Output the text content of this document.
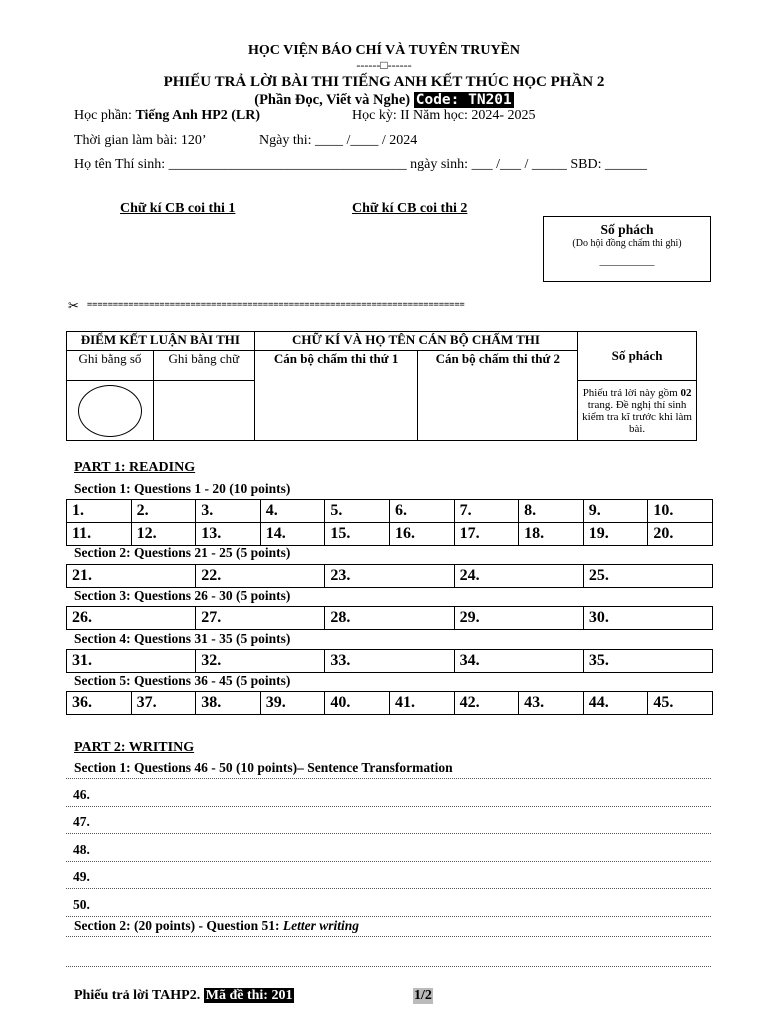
HỌC VIỆN BÁO CHÍ VÀ TUYÊN TRUYỀN
------□------
PHIẾU TRẢ LỜI BÀI THI TIẾNG ANH KẾT THÚC HỌC PHẦN 2
(Phần Đọc, Viết và Nghe) Code: TN201
Học phần: Tiếng Anh HP2 (LR)	Học kỳ: II Năm học: 2024- 2025
Thời gian làm bài: 120’	Ngày thi: ____ /____ / 2024
Họ tên Thí sinh: __________________________________ ngày sinh: ___ /___ / _____ SBD: ______
Chữ kí CB coi thi 1	Chữ kí CB coi thi 2
Số phách
(Do hội đồng chấm thi ghi)
__________
✂ =========================================================================
ĐIỂM KẾT LUẬN BÀI THI		CHỮ KÍ VÀ HỌ TÊN CÁN BỘ CHẤM THI		Số phách
Ghi bằng số	Ghi bằng chữ	Cán bộ chấm thi thứ 1	Cán bộ chấm thi thứ 2	

				Phiếu trả lời này gồm 02 trang. Đề nghị thí sinh kiểm tra kĩ trước khi làm bài.
PART 1: READING
Section 1: Questions 1 - 20 (10 points)
1.	2.	3.	4.	5.	6.	7.	8.	9.	10.
11.	12.	13.	14.	15.	16.	17.	18.	19.	20.
Section 2: Questions 21 - 25 (5 points)
21.	22.	23.	24.	25.
Section 3: Questions 26 - 30 (5 points)
26.	27.	28.	29.	30.
Section 4: Questions 31 - 35 (5 points)
31.	32.	33.	34.	35.
Section 5: Questions 36 - 45 (5 points)
36.	37.	38.	39.	40.	41.	42.	43.	44.	45.
PART 2: WRITING
Section 1: Questions 46 - 50 (10 points)– Sentence Transformation
46.
47.
48.
49.
50.
Section 2: (20 points) - Question 51: Letter writing
Phiếu trả lời TAHP2. Mã đề thi: 201	1/2
